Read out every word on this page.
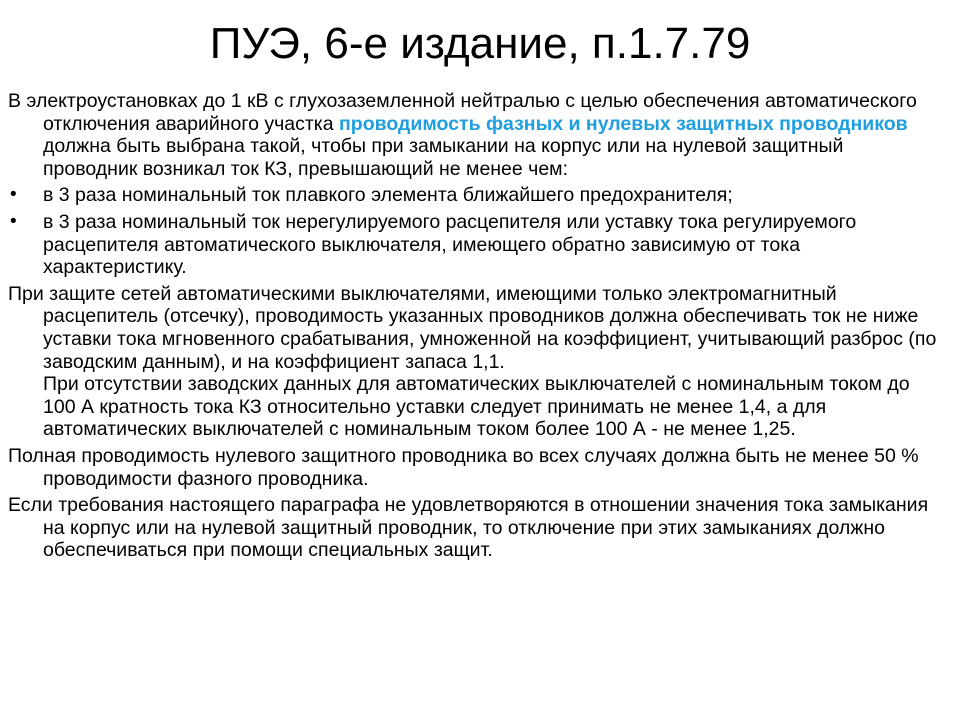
ПУЭ, 6-е издание, п.1.7.79

В электроустановках до 1 кВ с глухозаземленной нейтралью с целью обеспечения автоматического отключения аварийного участка проводимость фазных и нулевых защитных проводников должна быть выбрана такой, чтобы при замыкании на корпус или на нулевой защитный проводник возникал ток КЗ, превышающий не менее чем:

• в 3 раза номинальный ток плавкого элемента ближайшего предохранителя;
• в 3 раза номинальный ток нерегулируемого расцепителя или уставку тока регулируемого расцепителя автоматического выключателя, имеющего обратно зависимую от тока характеристику.

При защите сетей автоматическими выключателями, имеющими только электромагнитный расцепитель (отсечку), проводимость указанных проводников должна обеспечивать ток не ниже уставки тока мгновенного срабатывания, умноженной на коэффициент, учитывающий разброс (по заводским данным), и на коэффициент запаса 1,1.
При отсутствии заводских данных для автоматических выключателей с номинальным током до 100 А кратность тока КЗ относительно уставки следует принимать не менее 1,4, а для автоматических выключателей с номинальным током более 100 А - не менее 1,25.

Полная проводимость нулевого защитного проводника во всех случаях должна быть не менее 50 % проводимости фазного проводника.

Если требования настоящего параграфа не удовлетворяются в отношении значения тока замыкания на корпус или на нулевой защитный проводник, то отключение при этих замыканиях должно обеспечиваться при помощи специальных защит.
